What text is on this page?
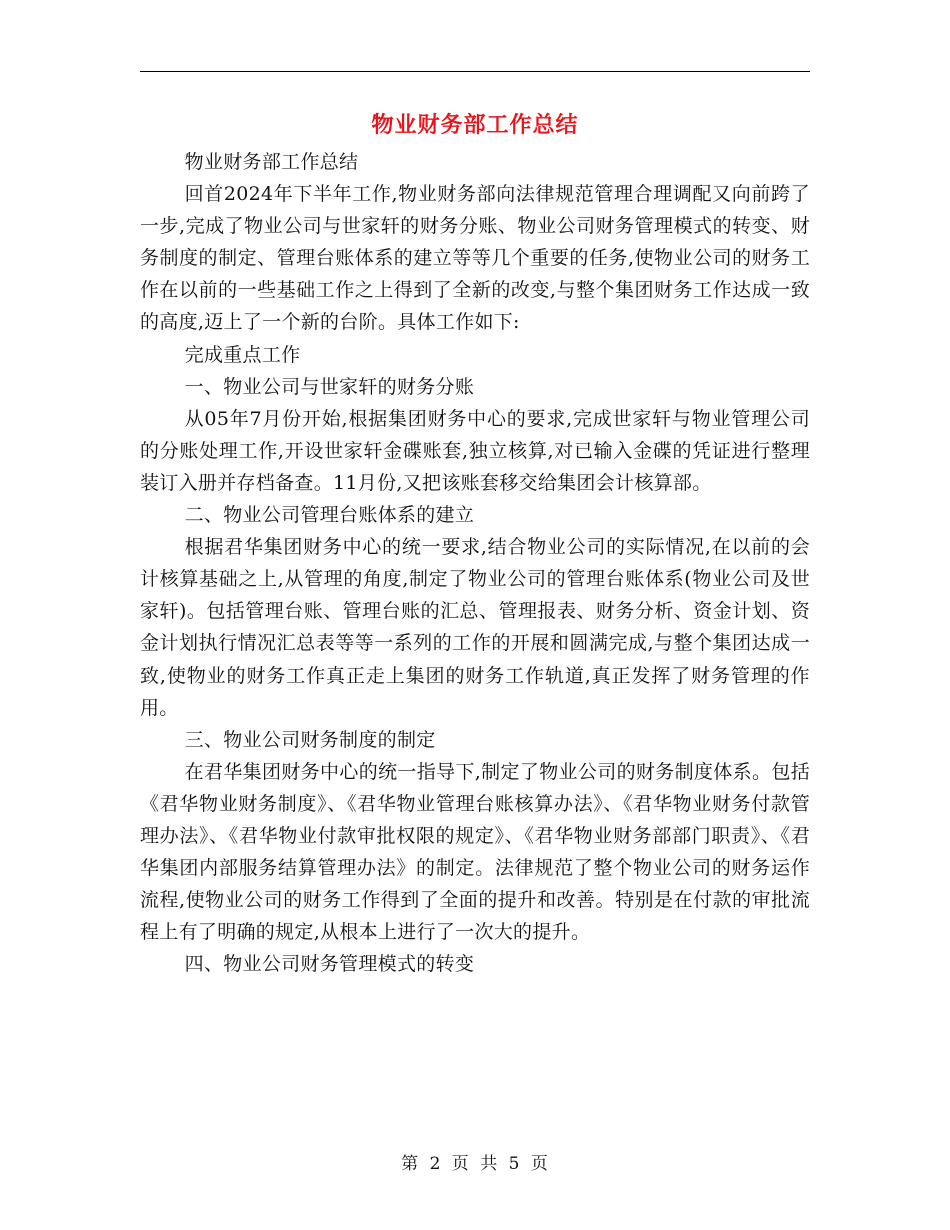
物业财务部工作总结

物业财务部工作总结

回首2024年下半年工作,物业财务部向法律规范管理合理调配又向前跨了一步,完成了物业公司与世家轩的财务分账、物业公司财务管理模式的转变、财务制度的制定、管理台账体系的建立等等几个重要的任务,使物业公司的财务工作在以前的一些基础工作之上得到了全新的改变,与整个集团财务工作达成一致的高度,迈上了一个新的台阶。具体工作如下:

完成重点工作

一、物业公司与世家轩的财务分账

从05年7月份开始,根据集团财务中心的要求,完成世家轩与物业管理公司的分账处理工作,开设世家轩金碟账套,独立核算,对已输入金碟的凭证进行整理装订入册并存档备查。11月份,又把该账套移交给集团会计核算部。

二、物业公司管理台账体系的建立

根据君华集团财务中心的统一要求,结合物业公司的实际情况,在以前的会计核算基础之上,从管理的角度,制定了物业公司的管理台账体系(物业公司及世家轩)。包括管理台账、管理台账的汇总、管理报表、财务分析、资金计划、资金计划执行情况汇总表等等一系列的工作的开展和圆满完成,与整个集团达成一致,使物业的财务工作真正走上集团的财务工作轨道,真正发挥了财务管理的作用。

三、物业公司财务制度的制定

在君华集团财务中心的统一指导下,制定了物业公司的财务制度体系。包括《君华物业财务制度》、《君华物业管理台账核算办法》、《君华物业财务付款管理办法》、《君华物业付款审批权限的规定》、《君华物业财务部部门职责》、《君华集团内部服务结算管理办法》的制定。法律规范了整个物业公司的财务运作流程,使物业公司的财务工作得到了全面的提升和改善。特别是在付款的审批流程上有了明确的规定,从根本上进行了一次大的提升。

四、物业公司财务管理模式的转变

第 2 页 共 5 页
